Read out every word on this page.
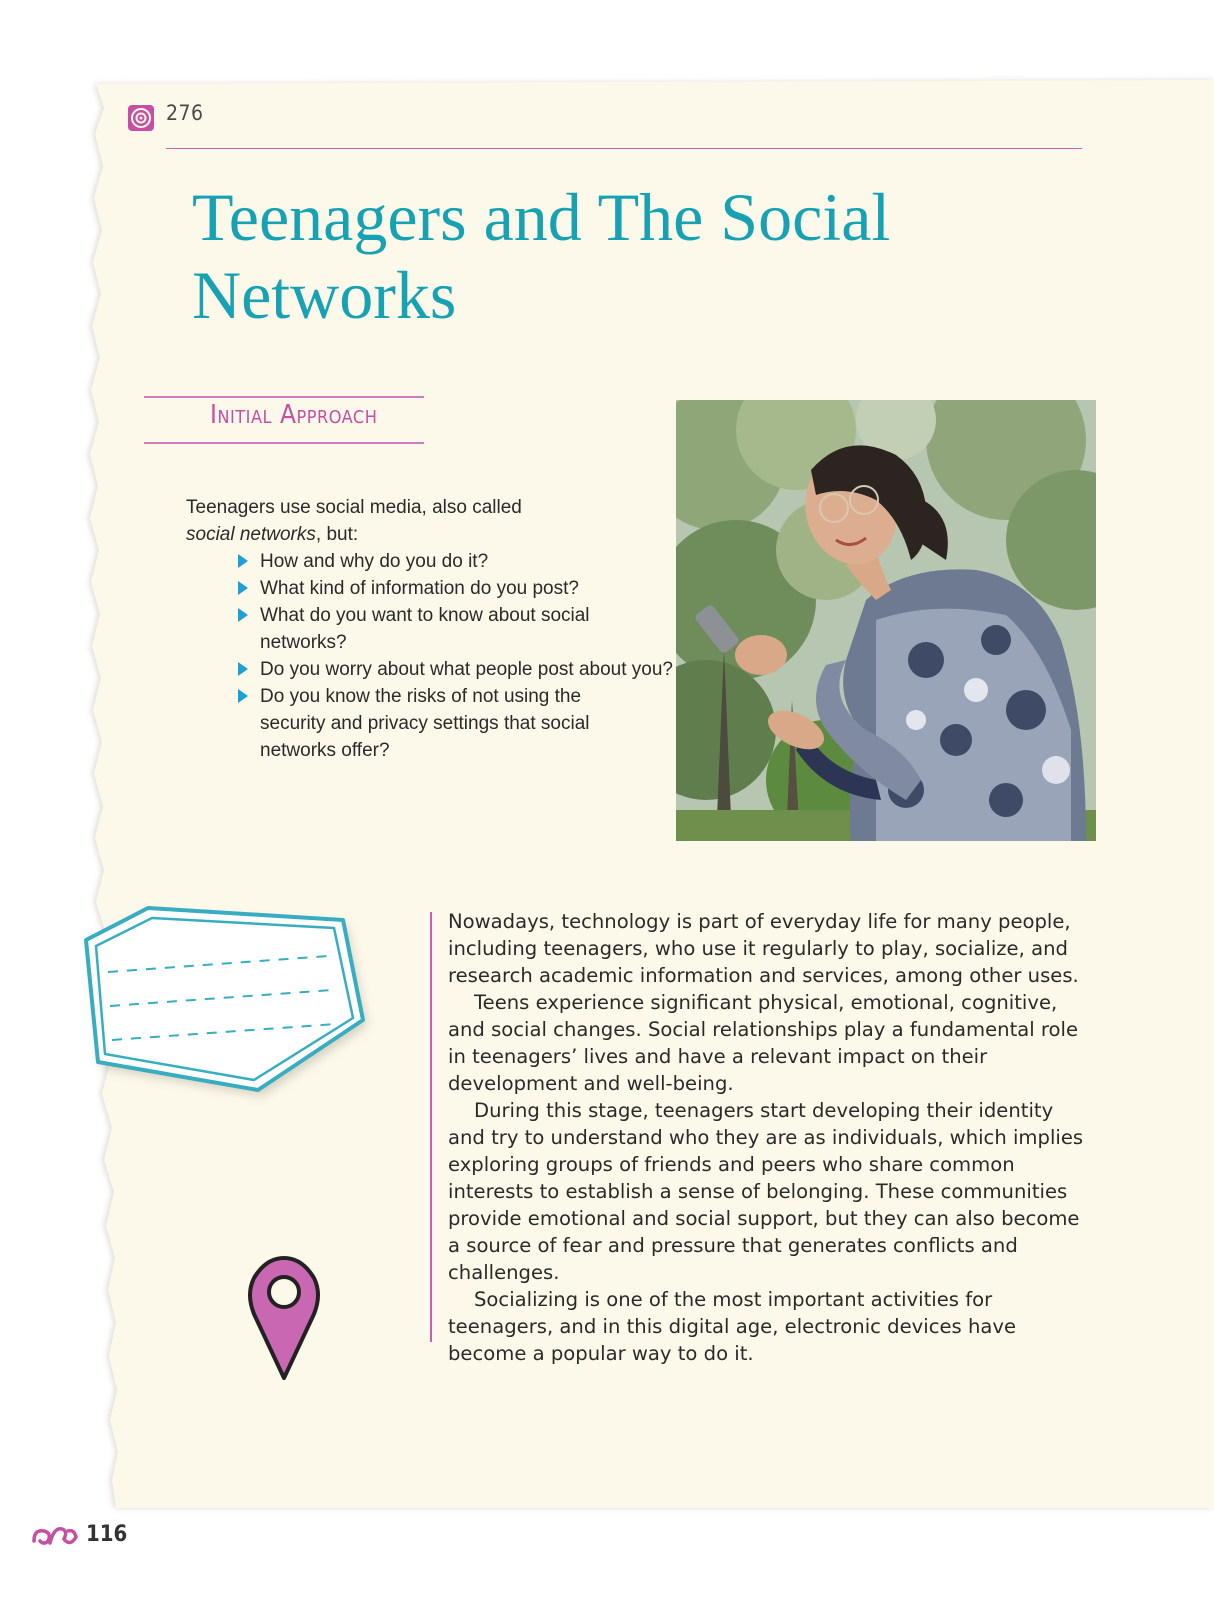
276
Teenagers and The Social
Networks
Initial Approach
Teenagers use social media, also called
social networks, but:
How and why do you do it?
What kind of information do you post?
What do you want to know about social networks?
Do you worry about what people post about you?
Do you know the risks of not using the security and privacy settings that social networks offer?

Nowadays, technology is part of everyday life for many people, including teenagers, who use it regularly to play, socialize, and research academic information and services, among other uses.

Teens experience significant physical, emotional, cognitive, and social changes. Social relationships play a fundamental role in teenagers’ lives and have a relevant impact on their development and well-being.

During this stage, teenagers start developing their identity and try to understand who they are as individuals, which implies exploring groups of friends and peers who share common interests to establish a sense of belonging. These communities provide emotional and social support, but they can also become a source of fear and pressure that generates conflicts and challenges.

Socializing is one of the most important activities for teenagers, and in this digital age, electronic devices have become a popular way to do it.

116
